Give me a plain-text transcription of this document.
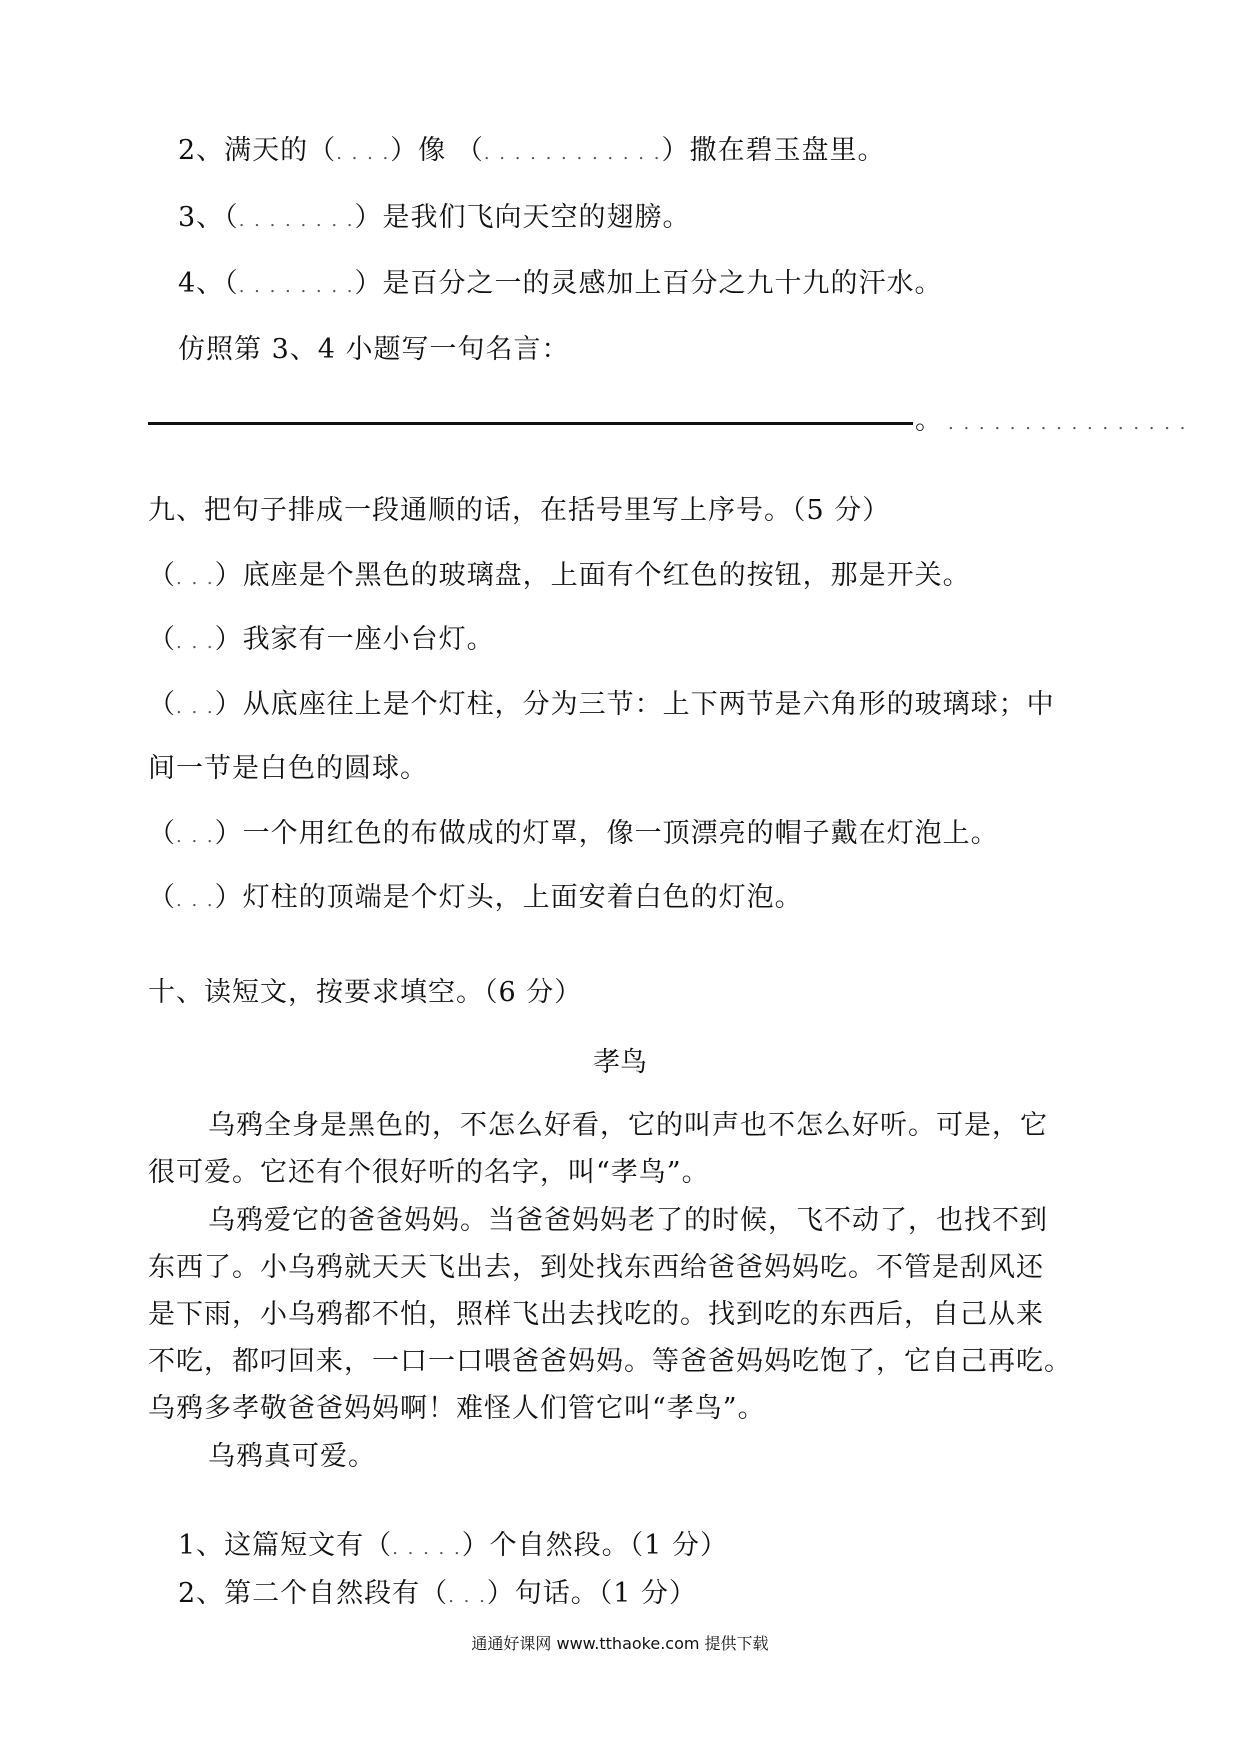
2、满天的（. . . .）像 （. . . . . . . . . . . .）撒在碧玉盘里。
3、（. . . . . . . .）是我们飞向天空的翅膀。
4、（. . . . . . . .）是百分之一的灵感加上百分之九十九的汗水。
仿照第 3、4 小题写一句名言：
。. . . . . . . . . . . . . . . .
九、把句子排成一段通顺的话，在括号里写上序号。（5 分）
（. . .）底座是个黑色的玻璃盘，上面有个红色的按钮，那是开关。
（. . .）我家有一座小台灯。
（. . .）从底座往上是个灯柱，分为三节：上下两节是六角形的玻璃球；中
间一节是白色的圆球。
（. . .）一个用红色的布做成的灯罩，像一顶漂亮的帽子戴在灯泡上。
（. . .）灯柱的顶端是个灯头，上面安着白色的灯泡。
十、读短文，按要求填空。（6 分）
孝鸟
乌鸦全身是黑色的，不怎么好看，它的叫声也不怎么好听。可是，它
很可爱。它还有个很好听的名字，叫“孝鸟”。
乌鸦爱它的爸爸妈妈。当爸爸妈妈老了的时候，飞不动了，也找不到
东西了。小乌鸦就天天飞出去，到处找东西给爸爸妈妈吃。不管是刮风还
是下雨，小乌鸦都不怕，照样飞出去找吃的。找到吃的东西后，自己从来
不吃，都叼回来，一口一口喂爸爸妈妈。等爸爸妈妈吃饱了，它自己再吃。
乌鸦多孝敬爸爸妈妈啊！难怪人们管它叫“孝鸟”。
乌鸦真可爱。
1、这篇短文有（. . . . .）个自然段。（1 分）
2、第二个自然段有（. . .）句话。（1 分）
通通好课网 www.tthaoke.com 提供下载
